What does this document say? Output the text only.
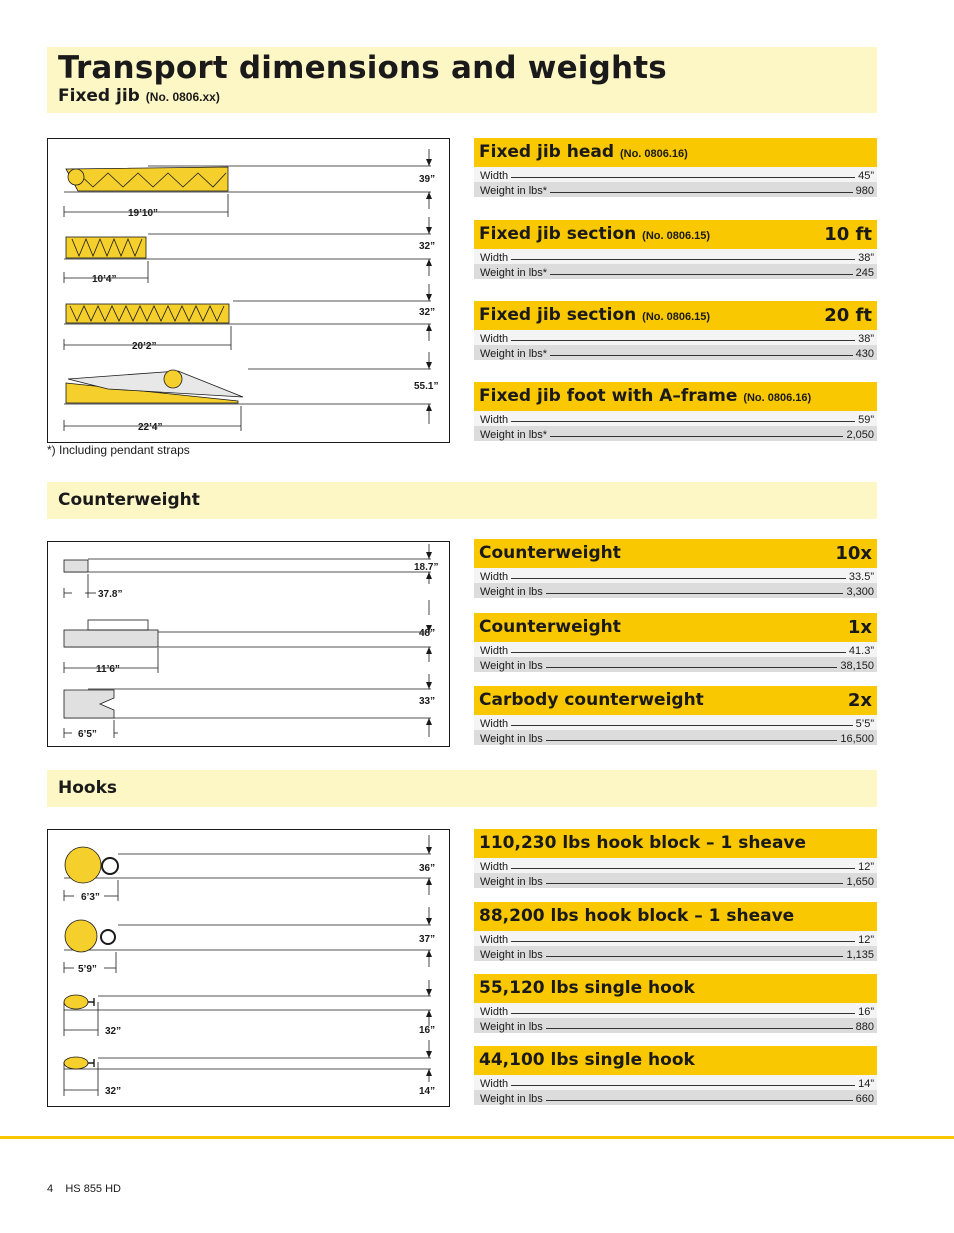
Transport dimensions and weights
Fixed jib (No. 0806.xx)
39”
19’10”
32”
10’4”
32”
20’2”
55.1”
22’4”
*) Including pendant straps
Counterweight
18.7”
37.8”
48”
11’6”
33”
6’5”
Hooks
36”
6’3”
37”
5’9”
16”
32”
14”
32”
Fixed jib head (No. 0806.16)
Width	45”
Weight in lbs*	980
Fixed jib section (No. 0806.15)	10 ft
Width	38”
Weight in lbs*	245
Fixed jib section (No. 0806.15)	20 ft
Width	38”
Weight in lbs*	430
Fixed jib foot with A–frame (No. 0806.16)
Width	59”
Weight in lbs*	2,050
Counterweight	10x
Width	33.5”
Weight in lbs	3,300
Counterweight	1x
Width	41.3”
Weight in lbs	38,150
Carbody counterweight	2x
Width	5’5”
Weight in lbs	16,500
110,230 lbs hook block – 1 sheave
Width	12”
Weight in lbs	1,650
88,200 lbs hook block – 1 sheave
Width	12”
Weight in lbs	1,135
55,120 lbs single hook
Width	16”
Weight in lbs	880
44,100 lbs single hook
Width	14”
Weight in lbs	660
4 HS 855 HD
